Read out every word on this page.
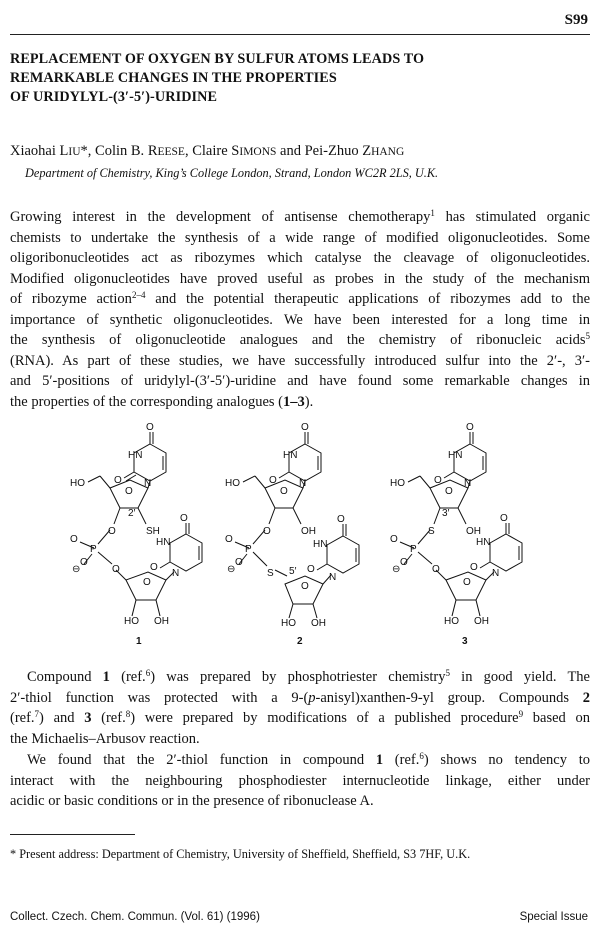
S99
REPLACEMENT OF OXYGEN BY SULFUR ATOMS LEADS TO
REMARKABLE CHANGES IN THE PROPERTIES
OF URIDYLYL-(3′-5′)-URIDINE
Xiaohai LIU*, Colin B. REESE, Claire SIMONS and Pei-Zhuo ZHANG
Department of Chemistry, King’s College London, Strand, London WC2R 2LS, U.K.
Growing interest in the development of antisense chemotherapy$^1$ has stimulated organic
chemists to undertake the synthesis of a wide range of modified oligonucleotides. Some
oligoribonucleotides act as ribozymes which catalyse the cleavage of oligonucleotides.
Modified oligonucleotides have proved useful as probes in the study of the mechanism
of ribozyme action$^{2-4}$ and the potential therapeutic applications of ribozymes add to the
importance of synthetic oligonucleotides. We have been interested for a long time in
the synthesis of oligonucleotide analogues and the chemistry of ribonucleic acids$^5$
(RNA). As part of these studies, we have successfully introduced sulfur into the 2′-, 3′-
and 5′-positions of uridylyl-(3′-5′)-uridine and have found some remarkable changes in
the properties of the corresponding analogues (1–3).
O
HN
O N
O
HO
2′
O	SH
P
O
⊖
O
O
O
O
HN
O
N
HO OH
1
O
HN
O N
O
HO
O	OH
P
O
⊖
O
S 5′
O
O
HN
O
N
HO OH
2
O
HN
O N
O
HO
3′
S	OH
P
O
⊖
O
O
O
O
HN
O
N
HO OH
3
Compound 1 (ref.$^6$) was prepared by phosphotriester chemistry$^5$ in good yield. The
2′-thiol function was protected with a 9-(p-anisyl)xanthen-9-yl group. Compounds 2
(ref.$^7$) and 3 (ref.$^8$) were prepared by modifications of a published procedure$^9$ based on
the Michaelis–Arbusov reaction.
We found that the 2′-thiol function in compound 1 (ref.$^6$) shows no tendency to
interact with the neighbouring phosphodiester internucleotide linkage, either under
acidic or basic conditions or in the presence of ribonuclease A.
* Present address: Department of Chemistry, University of Sheffield, Sheffield, S3 7HF, U.K.
Collect. Czech. Chem. Commun. (Vol. 61) (1996)	Special Issue
